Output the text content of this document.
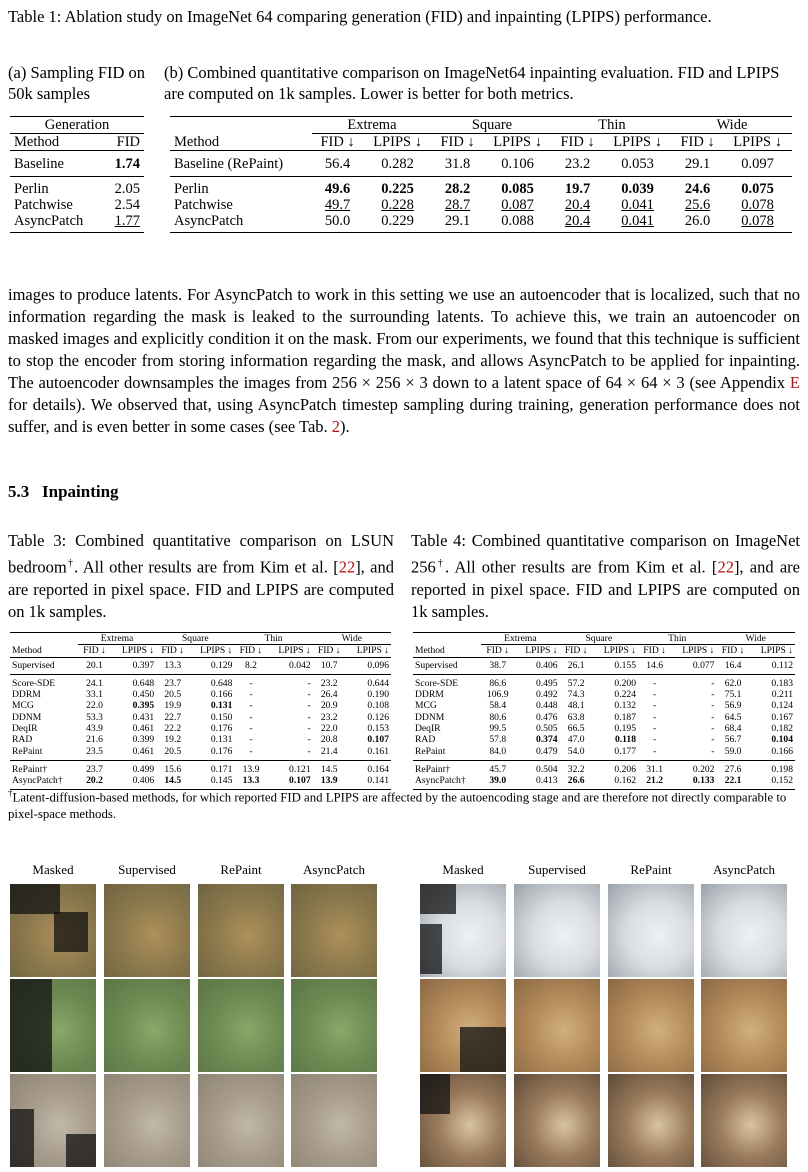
Table 1: Ablation study on ImageNet 64 comparing generation (FID) and inpainting (LPIPS) performance.

(a) Sampling FID on 50k samples

Generation	
Method	FID
Baseline	1.74
Perlin	2.05
Patchwise	2.54
AsyncPatch	1.77

(b) Combined quantitative comparison on ImageNet64 inpainting evaluation. FID and LPIPS are computed on 1k samples. Lower is better for both metrics.

	Extrema		Square		Thin		Wide	
Method	FID ↓	LPIPS ↓	FID ↓	LPIPS ↓	FID ↓	LPIPS ↓	FID ↓	LPIPS ↓
Baseline (RePaint)	56.4	0.282	31.8	0.106	23.2	0.053	29.1	0.097
Perlin	49.6	0.225	28.2	0.085	19.7	0.039	24.6	0.075
Patchwise	49.7	0.228	28.7	0.087	20.4	0.041	25.6	0.078
AsyncPatch	50.0	0.229	29.1	0.088	20.4	0.041	26.0	0.078

images to produce latents. For AsyncPatch to work in this setting we use an autoencoder that is localized, such that no information regarding the mask is leaked to the surrounding latents. To achieve this, we train an autoencoder on masked images and explicitly condition it on the mask. From our experiments, we found that this technique is sufficient to stop the encoder from storing information regarding the mask, and allows AsyncPatch to be applied for inpainting. The autoencoder downsamples the images from 256 × 256 × 3 down to a latent space of 64 × 64 × 3 (see Appendix E for details). We observed that, using AsyncPatch timestep sampling during training, generation performance does not suffer, and is even better in some cases (see Tab. 2).

5.3 Inpainting

Table 3: Combined quantitative comparison on LSUN bedroom†. All other results are from Kim et al. [22], and are reported in pixel space. FID and LPIPS are computed on 1k samples.

Table 4: Combined quantitative comparison on ImageNet 256†. All other results are from Kim et al. [22], and are reported in pixel space. FID and LPIPS are computed on 1k samples.

	Extrema		Square		Thin		Wide	
Method	FID ↓	LPIPS ↓	FID ↓	LPIPS ↓	FID ↓	LPIPS ↓	FID ↓	LPIPS ↓
Supervised	20.1	0.397	13.3	0.129	8.2	0.042	10.7	0.096
Score-SDE	24.1	0.648	23.7	0.648	-	-	23.2	0.644
DDRM	33.1	0.450	20.5	0.166	-	-	26.4	0.190
MCG	22.0	0.395	19.9	0.131	-	-	20.9	0.108
DDNM	53.3	0.431	22.7	0.150	-	-	23.2	0.126
DeqIR	43.9	0.461	22.2	0.176	-	-	22.0	0.153
RAD	21.6	0.399	19.2	0.131	-	-	20.8	0.107
RePaint	23.5	0.461	20.5	0.176	-	-	21.4	0.161
RePaint†	23.7	0.499	15.6	0.171	13.9	0.121	14.5	0.164
AsyncPatch†	20.2	0.406	14.5	0.145	13.3	0.107	13.9	0.141
	Extrema		Square		Thin		Wide	
Method	FID ↓	LPIPS ↓	FID ↓	LPIPS ↓	FID ↓	LPIPS ↓	FID ↓	LPIPS ↓
Supervised	38.7	0.406	26.1	0.155	14.6	0.077	16.4	0.112
Score-SDE	86.6	0.495	57.2	0.200	-	-	62.0	0.183
DDRM	106.9	0.492	74.3	0.224	-	-	75.1	0.211
MCG	58.4	0.448	48.1	0.132	-	-	56.9	0.124
DDNM	80.6	0.476	63.8	0.187	-	-	64.5	0.167
DeqIR	99.5	0.505	66.5	0.195	-	-	68.4	0.182
RAD	57.8	0.374	47.0	0.118	-	-	56.7	0.104
RePaint	84.0	0.479	54.0	0.177	-	-	59.0	0.166
RePaint†	45.7	0.504	32.2	0.206	31.1	0.202	27.6	0.198
AsyncPatch†	39.0	0.413	26.6	0.162	21.2	0.133	22.1	0.152

†Latent-diffusion-based methods, for which reported FID and LPIPS are affected by the autoencoding stage and are therefore not directly comparable to pixel-space methods.

Masked	Supervised	RePaint	AsyncPatch	Masked	Supervised	RePaint	AsyncPatch
